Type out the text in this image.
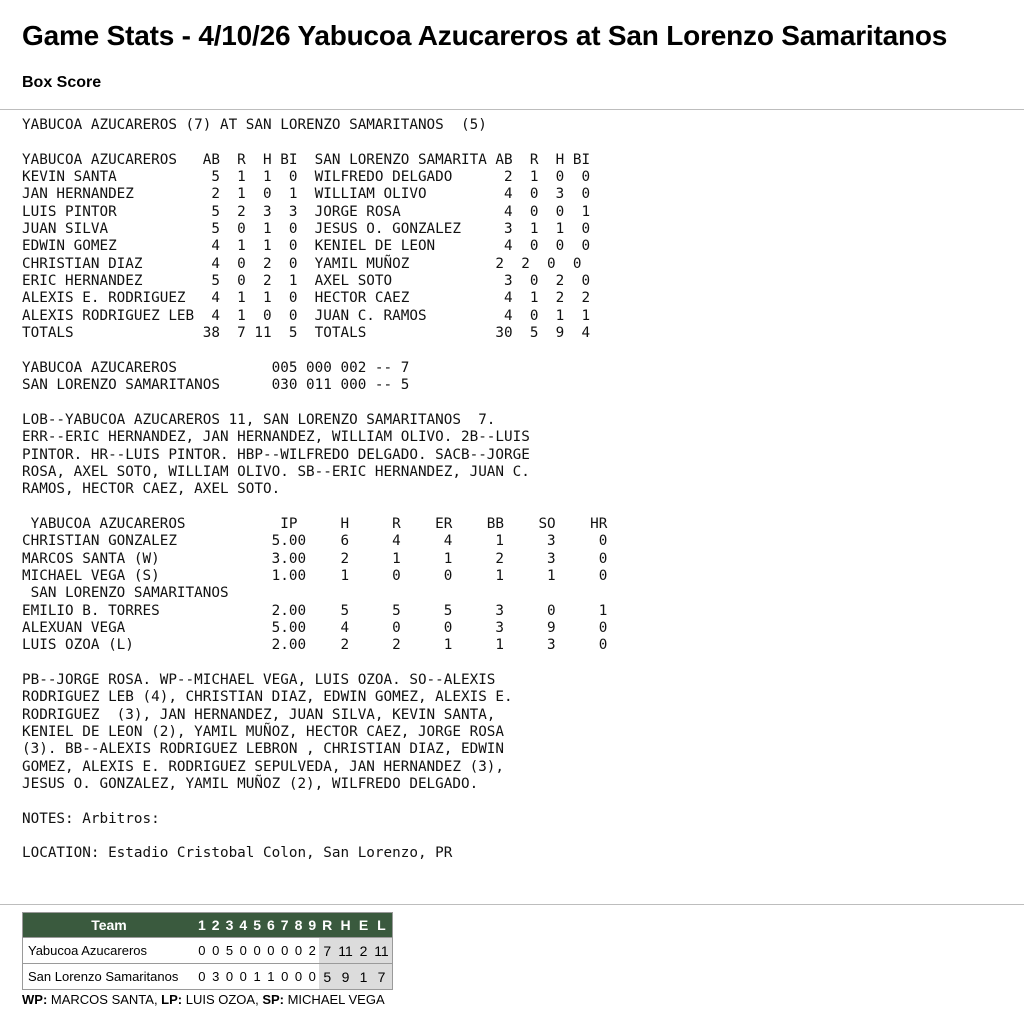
Game Stats - 4/10/26 Yabucoa Azucareros at San Lorenzo Samaritanos
Box Score
YABUCOA AZUCAREROS (7) AT SAN LORENZO SAMARITANOS  (5)

YABUCOA AZUCAREROS   AB  R  H BI  SAN LORENZO SAMARITA AB  R  H BI
KEVIN SANTA           5  1  1  0  WILFREDO DELGADO      2  1  0  0
JAN HERNANDEZ         2  1  0  1  WILLIAM OLIVO         4  0  3  0
LUIS PINTOR           5  2  3  3  JORGE ROSA            4  0  0  1
JUAN SILVA            5  0  1  0  JESUS O. GONZALEZ     3  1  1  0
EDWIN GOMEZ           4  1  1  0  KENIEL DE LEON        4  0  0  0
CHRISTIAN DIAZ        4  0  2  0  YAMIL MUÑOZ          2  2  0  0
ERIC HERNANDEZ        5  0  2  1  AXEL SOTO             3  0  2  0
ALEXIS E. RODRIGUEZ   4  1  1  0  HECTOR CAEZ           4  1  2  2
ALEXIS RODRIGUEZ LEB  4  1  0  0  JUAN C. RAMOS         4  0  1  1
TOTALS               38  7 11  5  TOTALS               30  5  9  4

YABUCOA AZUCAREROS           005 000 002 -- 7
SAN LORENZO SAMARITANOS      030 011 000 -- 5

LOB--YABUCOA AZUCAREROS 11, SAN LORENZO SAMARITANOS  7.
ERR--ERIC HERNANDEZ, JAN HERNANDEZ, WILLIAM OLIVO. 2B--LUIS
PINTOR. HR--LUIS PINTOR. HBP--WILFREDO DELGADO. SACB--JORGE
ROSA, AXEL SOTO, WILLIAM OLIVO. SB--ERIC HERNANDEZ, JUAN C.
RAMOS, HECTOR CAEZ, AXEL SOTO.

YABUCOA AZUCAREROS           IP     H     R    ER    BB    SO    HR
CHRISTIAN GONZALEZ           5.00    6     4     4     1     3     0
MARCOS SANTA (W)             3.00    2     1     1     2     3     0
MICHAEL VEGA (S)             1.00    1     0     0     1     1     0
SAN LORENZO SAMARITANOS
EMILIO B. TORRES             2.00    5     5     5     3     0     1
ALEXUAN VEGA                 5.00    4     0     0     3     9     0
LUIS OZOA (L)                2.00    2     2     1     1     3     0

PB--JORGE ROSA. WP--MICHAEL VEGA, LUIS OZOA. SO--ALEXIS
RODRIGUEZ LEB (4), CHRISTIAN DIAZ, EDWIN GOMEZ, ALEXIS E.
RODRIGUEZ  (3), JAN HERNANDEZ, JUAN SILVA, KEVIN SANTA,
KENIEL DE LEON (2), YAMIL MUÑOZ, HECTOR CAEZ, JORGE ROSA
(3). BB--ALEXIS RODRIGUEZ LEBRON , CHRISTIAN DIAZ, EDWIN
GOMEZ, ALEXIS E. RODRIGUEZ SEPULVEDA, JAN HERNANDEZ (3),
JESUS O. GONZALEZ, YAMIL MUÑOZ (2), WILFREDO DELGADO.

NOTES: Arbitros:

LOCATION: Estadio Cristobal Colon, San Lorenzo, PR
Team	1	2	3	4	5	6	7	8	9	R	H	E	L
Yabucoa Azucareros	0	0	5	0	0	0	0	0	2	7	11	2	11
San Lorenzo Samaritanos	0	3	0	0	1	1	0	0	0	5	9	1	7
WP: MARCOS SANTA, LP: LUIS OZOA, SP: MICHAEL VEGA
